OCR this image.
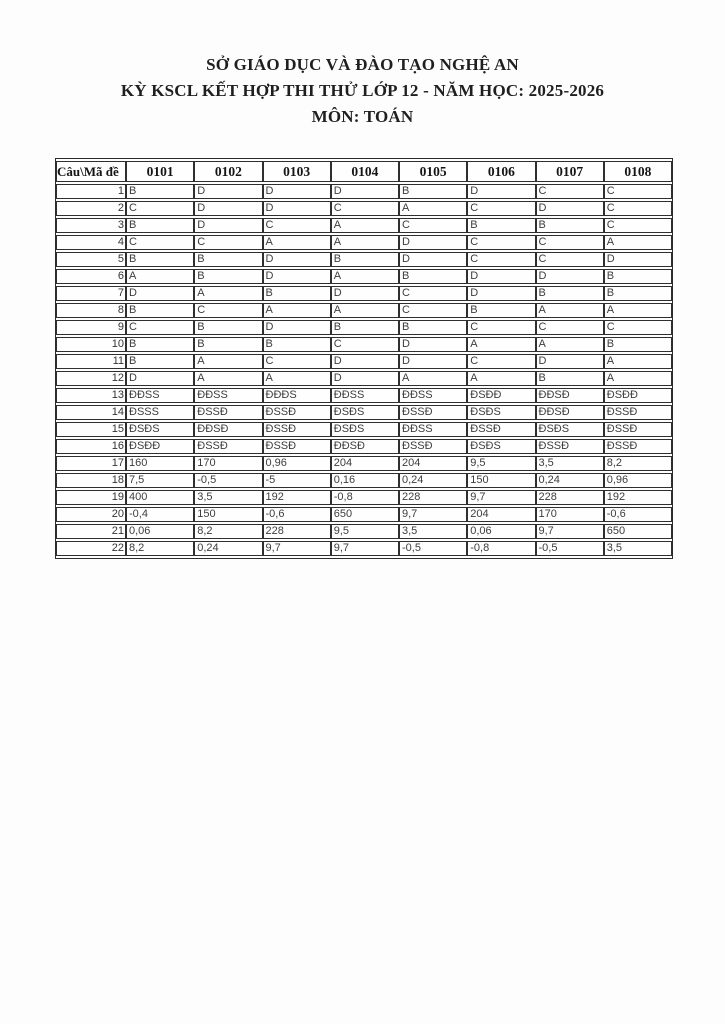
SỞ GIÁO DỤC VÀ ĐÀO TẠO NGHỆ AN
KỲ KSCL KẾT HỢP THI THỬ LỚP 12 - NĂM HỌC: 2025-2026
MÔN: TOÁN
Câu\Mã đề	0101	0102	0103	0104	0105	0106	0107	0108
1	B	D	D	D	B	D	C	C
2	C	D	D	C	A	C	D	C
3	B	D	C	A	C	B	B	C
4	C	C	A	A	D	C	C	A
5	B	B	D	B	D	C	C	D
6	A	B	D	A	B	D	D	B
7	D	A	B	D	C	D	B	B
8	B	C	A	A	C	B	A	A
9	C	B	D	B	B	C	C	C
10	B	B	B	C	D	A	A	B
11	B	A	C	D	D	C	D	A
12	D	A	A	D	A	A	B	A
13	ĐĐSS	ĐĐSS	ĐĐĐS	ĐĐSS	ĐĐSS	ĐSĐĐ	ĐĐSĐ	ĐSĐĐ
14	ĐSSS	ĐSSĐ	ĐSSĐ	ĐSĐS	ĐSSĐ	ĐSĐS	ĐĐSĐ	ĐSSĐ
15	ĐSĐS	ĐĐSĐ	ĐSSĐ	ĐSĐS	ĐĐSS	ĐSSĐ	ĐSĐS	ĐSSĐ
16	ĐSĐĐ	ĐSSĐ	ĐSSĐ	ĐĐSĐ	ĐSSĐ	ĐSĐS	ĐSSĐ	ĐSSĐ
17	160	170	0,96	204	204	9,5	3,5	8,2
18	7,5	-0,5	-5	0,16	0,24	150	0,24	0,96
19	400	3,5	192	-0,8	228	9,7	228	192
20	-0,4	150	-0,6	650	9,7	204	170	-0,6
21	0,06	8,2	228	9,5	3,5	0,06	9,7	650
22	8,2	0,24	9,7	9,7	-0,5	-0,8	-0,5	3,5
